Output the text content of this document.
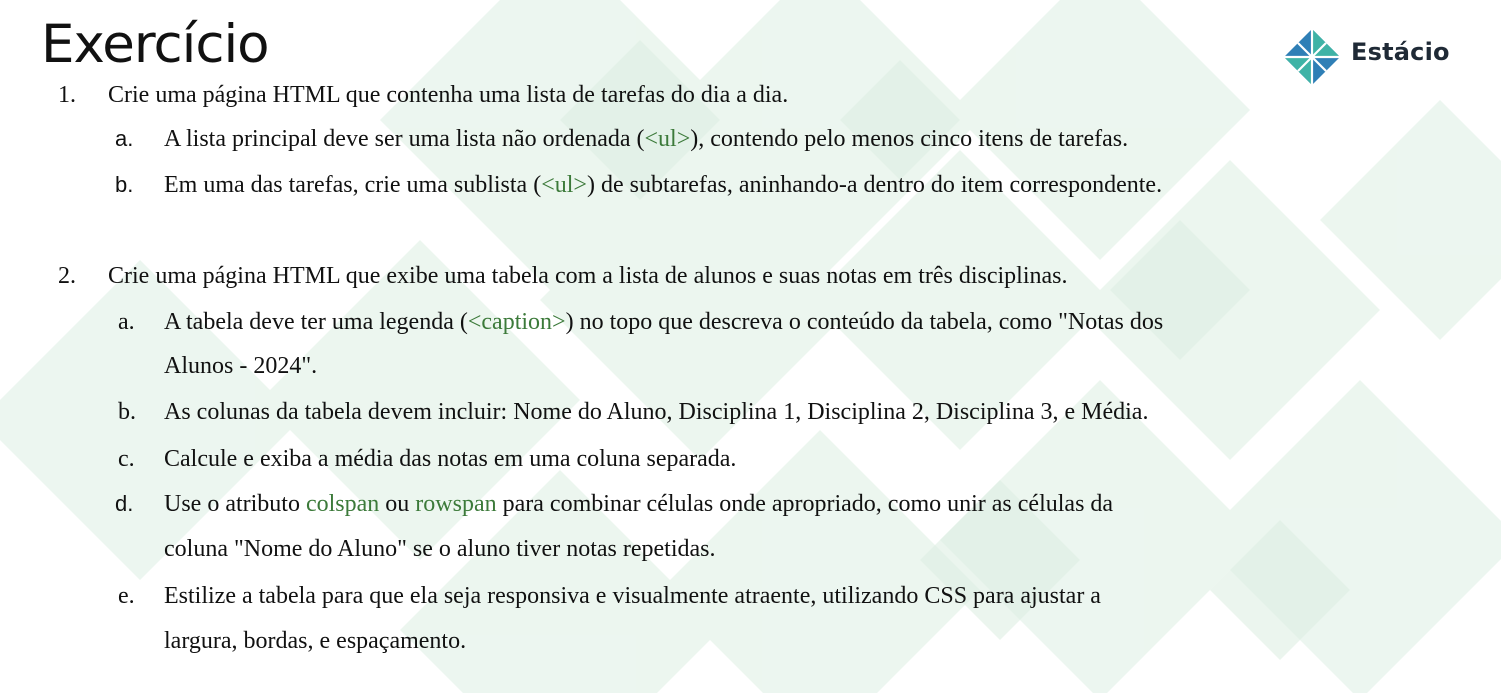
Exercício	Estácio
1. Crie uma página HTML que contenha uma lista de tarefas do dia a dia.
a. A lista principal deve ser uma lista não ordenada (<ul>), contendo pelo menos cinco itens de tarefas.
b. Em uma das tarefas, crie uma sublista (<ul>) de subtarefas, aninhando-a dentro do item correspondente.
2. Crie uma página HTML que exibe uma tabela com a lista de alunos e suas notas em três disciplinas.
a. A tabela deve ter uma legenda (<caption>) no topo que descreva o conteúdo da tabela, como "Notas dos
Alunos - 2024".
b. As colunas da tabela devem incluir: Nome do Aluno, Disciplina 1, Disciplina 2, Disciplina 3, e Média.
c. Calcule e exiba a média das notas em uma coluna separada.
d. Use o atributo colspan ou rowspan para combinar células onde apropriado, como unir as células da
coluna "Nome do Aluno" se o aluno tiver notas repetidas.
e. Estilize a tabela para que ela seja responsiva e visualmente atraente, utilizando CSS para ajustar a
largura, bordas, e espaçamento.
